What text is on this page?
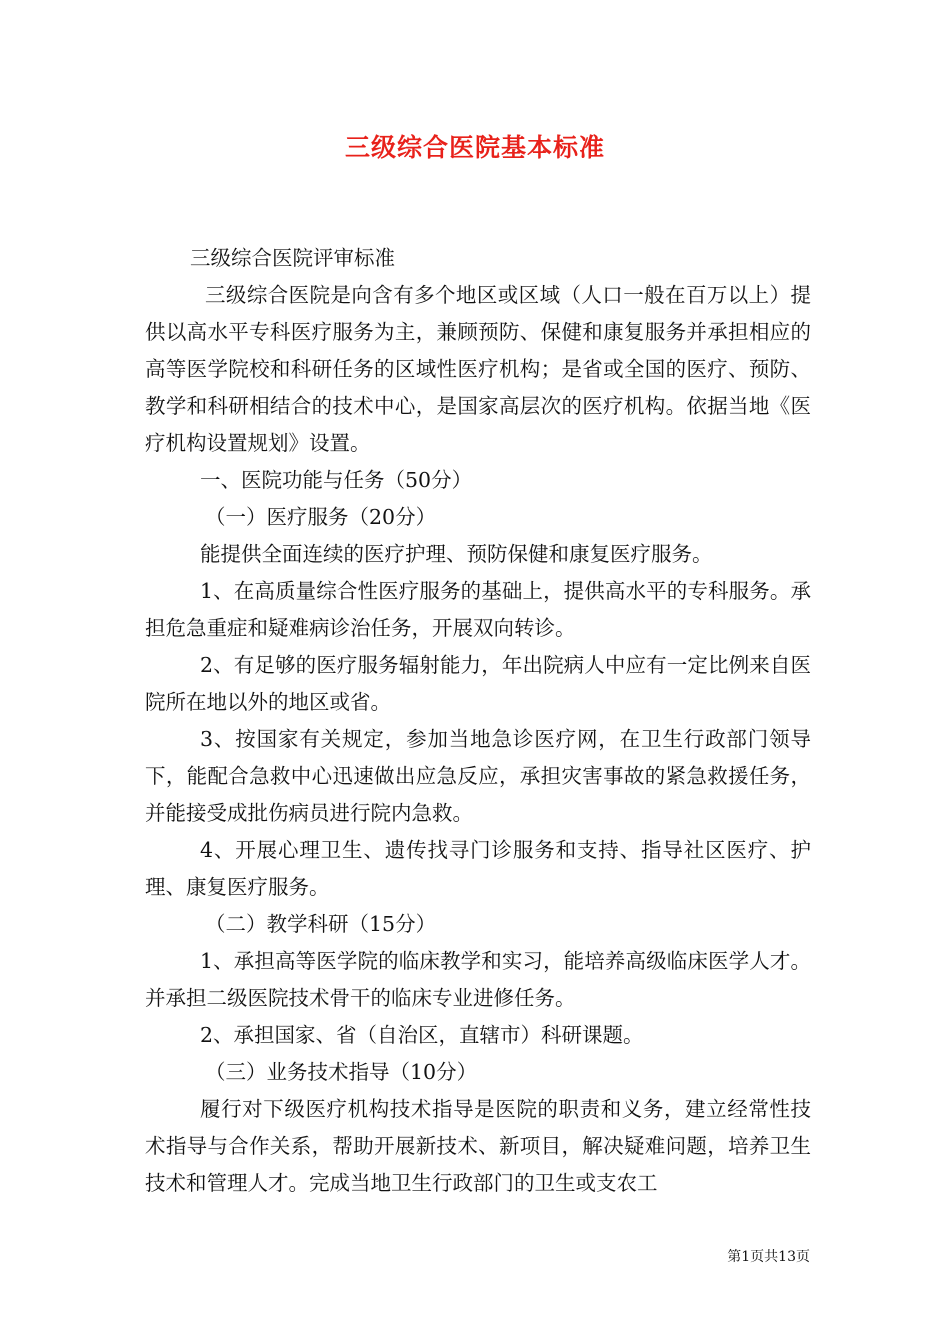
三级综合医院基本标准

三级综合医院评审标准

三级综合医院是向含有多个地区或区域（人口一般在百万以上）提供以高水平专科医疗服务为主，兼顾预防、保健和康复服务并承担相应的高等医学院校和科研任务的区域性医疗机构；是省或全国的医疗、预防、教学和科研相结合的技术中心，是国家高层次的医疗机构。依据当地《医疗机构设置规划》设置。

一、医院功能与任务（50分）

（一）医疗服务（20分）

能提供全面连续的医疗护理、预防保健和康复医疗服务。

1、在高质量综合性医疗服务的基础上，提供高水平的专科服务。承担危急重症和疑难病诊治任务，开展双向转诊。

2、有足够的医疗服务辐射能力，年出院病人中应有一定比例来自医院所在地以外的地区或省。

3、按国家有关规定，参加当地急诊医疗网，在卫生行政部门领导下，能配合急救中心迅速做出应急反应，承担灾害事故的紧急救援任务，并能接受成批伤病员进行院内急救。

4、开展心理卫生、遗传找寻门诊服务和支持、指导社区医疗、护理、康复医疗服务。

（二）教学科研（15分）

1、承担高等医学院的临床教学和实习，能培养高级临床医学人才。并承担二级医院技术骨干的临床专业进修任务。

2、承担国家、省（自治区，直辖市）科研课题。

（三）业务技术指导（10分）

履行对下级医疗机构技术指导是医院的职责和义务，建立经常性技术指导与合作关系，帮助开展新技术、新项目，解决疑难问题，培养卫生技术和管理人才。完成当地卫生行政部门的卫生或支农工

第1页共13页
